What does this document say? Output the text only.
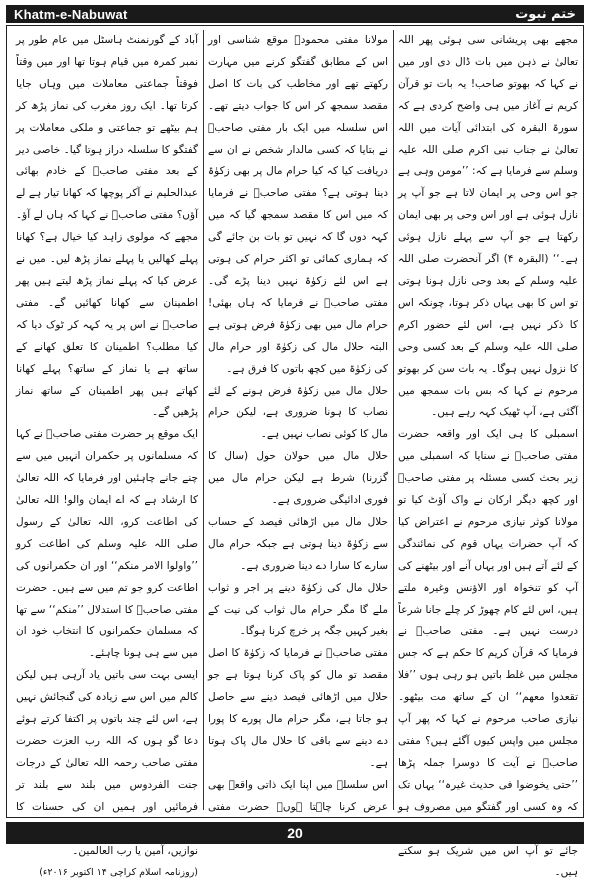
Khatm-e-Nabuwat	ختم نبوت

مجھے بھی پریشانی سی ہوئی پھر اللہ تعالیٰ نے ذہن میں بات ڈال دی اور میں نے کہا کہ بھوتو صاحب! یہ بات تو قرآن کریم نے آغاز میں ہی واضح کردی ہے کہ سورۃ البقرہ کی ابتدائی آیات میں اللہ تعالیٰ نے جناب نبی اکرم صلی اللہ علیہ وسلم سے فرمایا ہے کہ: ’’مومن وہی ہے جو اس وحی پر ایمان لاتا ہے جو آپ پر نازل ہوئی ہے اور اس وحی پر بھی ایمان رکھتا ہے جو آپ سے پہلے نازل ہوئی ہے۔‘‘ (البقرہ ۴) اگر آنحضرت صلی اللہ علیہ وسلم کے بعد وحی نازل ہونا ہوتی تو اس کا بھی یہاں ذکر ہوتا، چونکہ اس کا ذکر نہیں ہے، اس لئے حضور اکرم صلی اللہ علیہ وسلم کے بعد کسی وحی کا نزول نہیں ہوگا۔ یہ بات سن کر بھوتو مرحوم نے کہا کہ بس بات سمجھ میں آگئی ہے، آپ ٹھیک کہہ رہے ہیں۔

اسمبلی کا ہی ایک اور واقعہ حضرت مفتی صاحبؒ نے سنایا کہ اسمبلی میں زیر بحث کسی مسئلہ پر مفتی صاحبؒ اور کچھ دیگر ارکان نے واک آؤٹ کیا تو مولانا کوثر نیازی مرحوم نے اعتراض کیا کہ آپ حضرات یہاں قوم کی نمائندگی کے لئے آتے ہیں اور یہاں آنے اور بیٹھنے کی آپ کو تنخواہ اور الاؤنس وغیرہ ملتے ہیں، اس لئے کام چھوڑ کر چلے جانا شرعاً درست نہیں ہے۔ مفتی صاحبؒ نے فرمایا کہ قرآن کریم کا حکم ہے کہ جس مجلس میں غلط باتیں ہو رہی ہوں ’’فلا تقعدوا معهم‘‘ ان کے ساتھ مت بیٹھو۔ نیازی صاحب مرحوم نے کہا کہ پھر آپ مجلس میں واپس کیوں آگئے ہیں؟ مفتی صاحبؒ نے آیت کا دوسرا جملہ پڑھا ’’حتی یخوضوا فی حدیث غیرہ‘‘ یہاں تک کہ وہ کسی اور گفتگو میں مصروف ہو جائے تو آپ اس میں شریک ہو سکتے ہیں۔

مولانا مفتی محمودؒ موقع شناسی اور اس کے مطابق گفتگو کرنے میں مہارت رکھتے تھے اور مخاطب کی بات کا اصل مقصد سمجھ کر اس کا جواب دیتے تھے۔ اس سلسلہ میں ایک بار مفتی صاحبؒ نے بتایا کہ کسی مالدار شخص نے ان سے دریافت کیا کہ کیا حرام مال پر بھی زکوٰۃ دینا ہوتی ہے؟ مفتی صاحبؒ نے فرمایا کہ میں اس کا مقصد سمجھ گیا کہ میں کہہ دوں گا کہ نہیں تو بات بن جائے گی کہ ہماری کمائی تو اکثر حرام کی ہوتی ہے اس لئے زکوٰۃ نہیں دینا پڑے گی۔ مفتی صاحبؒ نے فرمایا کہ ہاں بھئی! حرام مال میں بھی زکوٰۃ فرض ہوتی ہے البتہ حلال مال کی زکوٰۃ اور حرام مال کی زکوٰۃ میں کچھ باتوں کا فرق ہے۔

حلال مال میں زکوٰۃ فرض ہونے کے لئے نصاب کا ہونا ضروری ہے، لیکن حرام مال کا کوئی نصاب نہیں ہے۔

حلال مال میں حولان حول (سال کا گزرنا) شرط ہے لیکن حرام مال میں فوری ادائیگی ضروری ہے۔

حلال مال میں اڑھائی فیصد کے حساب سے زکوٰۃ دینا ہوتی ہے جبکہ حرام مال سارے کا سارا دے دینا ضروری ہے۔

حلال مال کی زکوٰۃ دینے پر اجر و ثواب ملے گا مگر حرام مال ثواب کی نیت کے بغیر کہیں جگہ پر خرچ کرنا ہوگا۔

مفتی صاحبؒ نے فرمایا کہ زکوٰۃ کا اصل مقصد تو مال کو پاک کرنا ہوتا ہے جو حلال میں اڑھائی فیصد دینے سے حاصل ہو جاتا ہے، مگر حرام مال پورے کا پورا دے دینے سے باقی کا حلال مال پاک ہوتا ہے۔

اس سلسلہ میں اپنا ایک ذاتی واقعہ بھی عرض کرنا چاہتا ہوں۔ حضرت مفتی

آباد کے گورنمنٹ ہاسٹل میں عام طور پر نمبر کمرہ میں قیام ہوتا تھا اور میں وقتاً فوقتاً جماعتی معاملات میں وہاں جایا کرتا تھا۔ ایک روز مغرب کی نماز پڑھ کر ہم بیٹھے تو جماعتی و ملکی معاملات پر گفتگو کا سلسلہ دراز ہوتا گیا۔ خاصی دیر کے بعد مفتی صاحبؒ کے خادم بھائی عبدالحلیم نے آکر پوچھا کہ کھانا تیار ہے لے آؤں؟ مفتی صاحبؒ نے کہا کہ ہاں لے آؤ۔ مجھے کہ مولوی زاہد کیا خیال ہے؟ کھانا پہلے کھالیں یا پہلے نماز پڑھ لیں۔ میں نے عرض کیا کہ پہلے نماز پڑھ لیتے ہیں پھر اطمینان سے کھانا کھائیں گے۔ مفتی صاحبؒ نے اس پر یہ کہہ کر ٹوک دیا کہ کیا مطلب؟ اطمینان کا تعلق کھانے کے ساتھ ہے یا نماز کے ساتھ؟ پہلے کھانا کھاتے ہیں پھر اطمینان کے ساتھ نماز پڑھیں گے۔

ایک موقع پر حضرت مفتی صاحبؒ نے کہا کہ مسلمانوں پر حکمران انہیں میں سے چنے جانے چاہئیں اور فرمایا کہ اللہ تعالیٰ کا ارشاد ہے کہ اے ایمان والو! اللہ تعالیٰ کی اطاعت کرو، اللہ تعالیٰ کے رسول صلی اللہ علیہ وسلم کی اطاعت کرو ’’واولوا الامر منکم‘‘ اور ان حکمرانوں کی اطاعت کرو جو تم میں سے ہیں۔ حضرت مفتی صاحبؒ کا استدلال ’’منکم‘‘ سے تھا کہ مسلمان حکمرانوں کا انتخاب خود ان میں سے ہی ہونا چاہئے۔

ایسی بہت سی باتیں یاد آرہی ہیں لیکن کالم میں اس سے زیادہ کی گنجائش نہیں ہے، اس لئے چند باتوں پر اکتفا کرتے ہوئے دعا گو ہوں کہ اللہ رب العزت حضرت مفتی صاحب رحمہ اللہ تعالیٰ کے درجات جنت الفردوس میں بلند سے بلند تر فرمائیں اور ہمیں ان کی حسنات کا نوازیں، آمین یا رب العالمین۔

(روزنامہ اسلام کراچی ۱۴ اکتوبر ۲۰۱۶ء)

20
